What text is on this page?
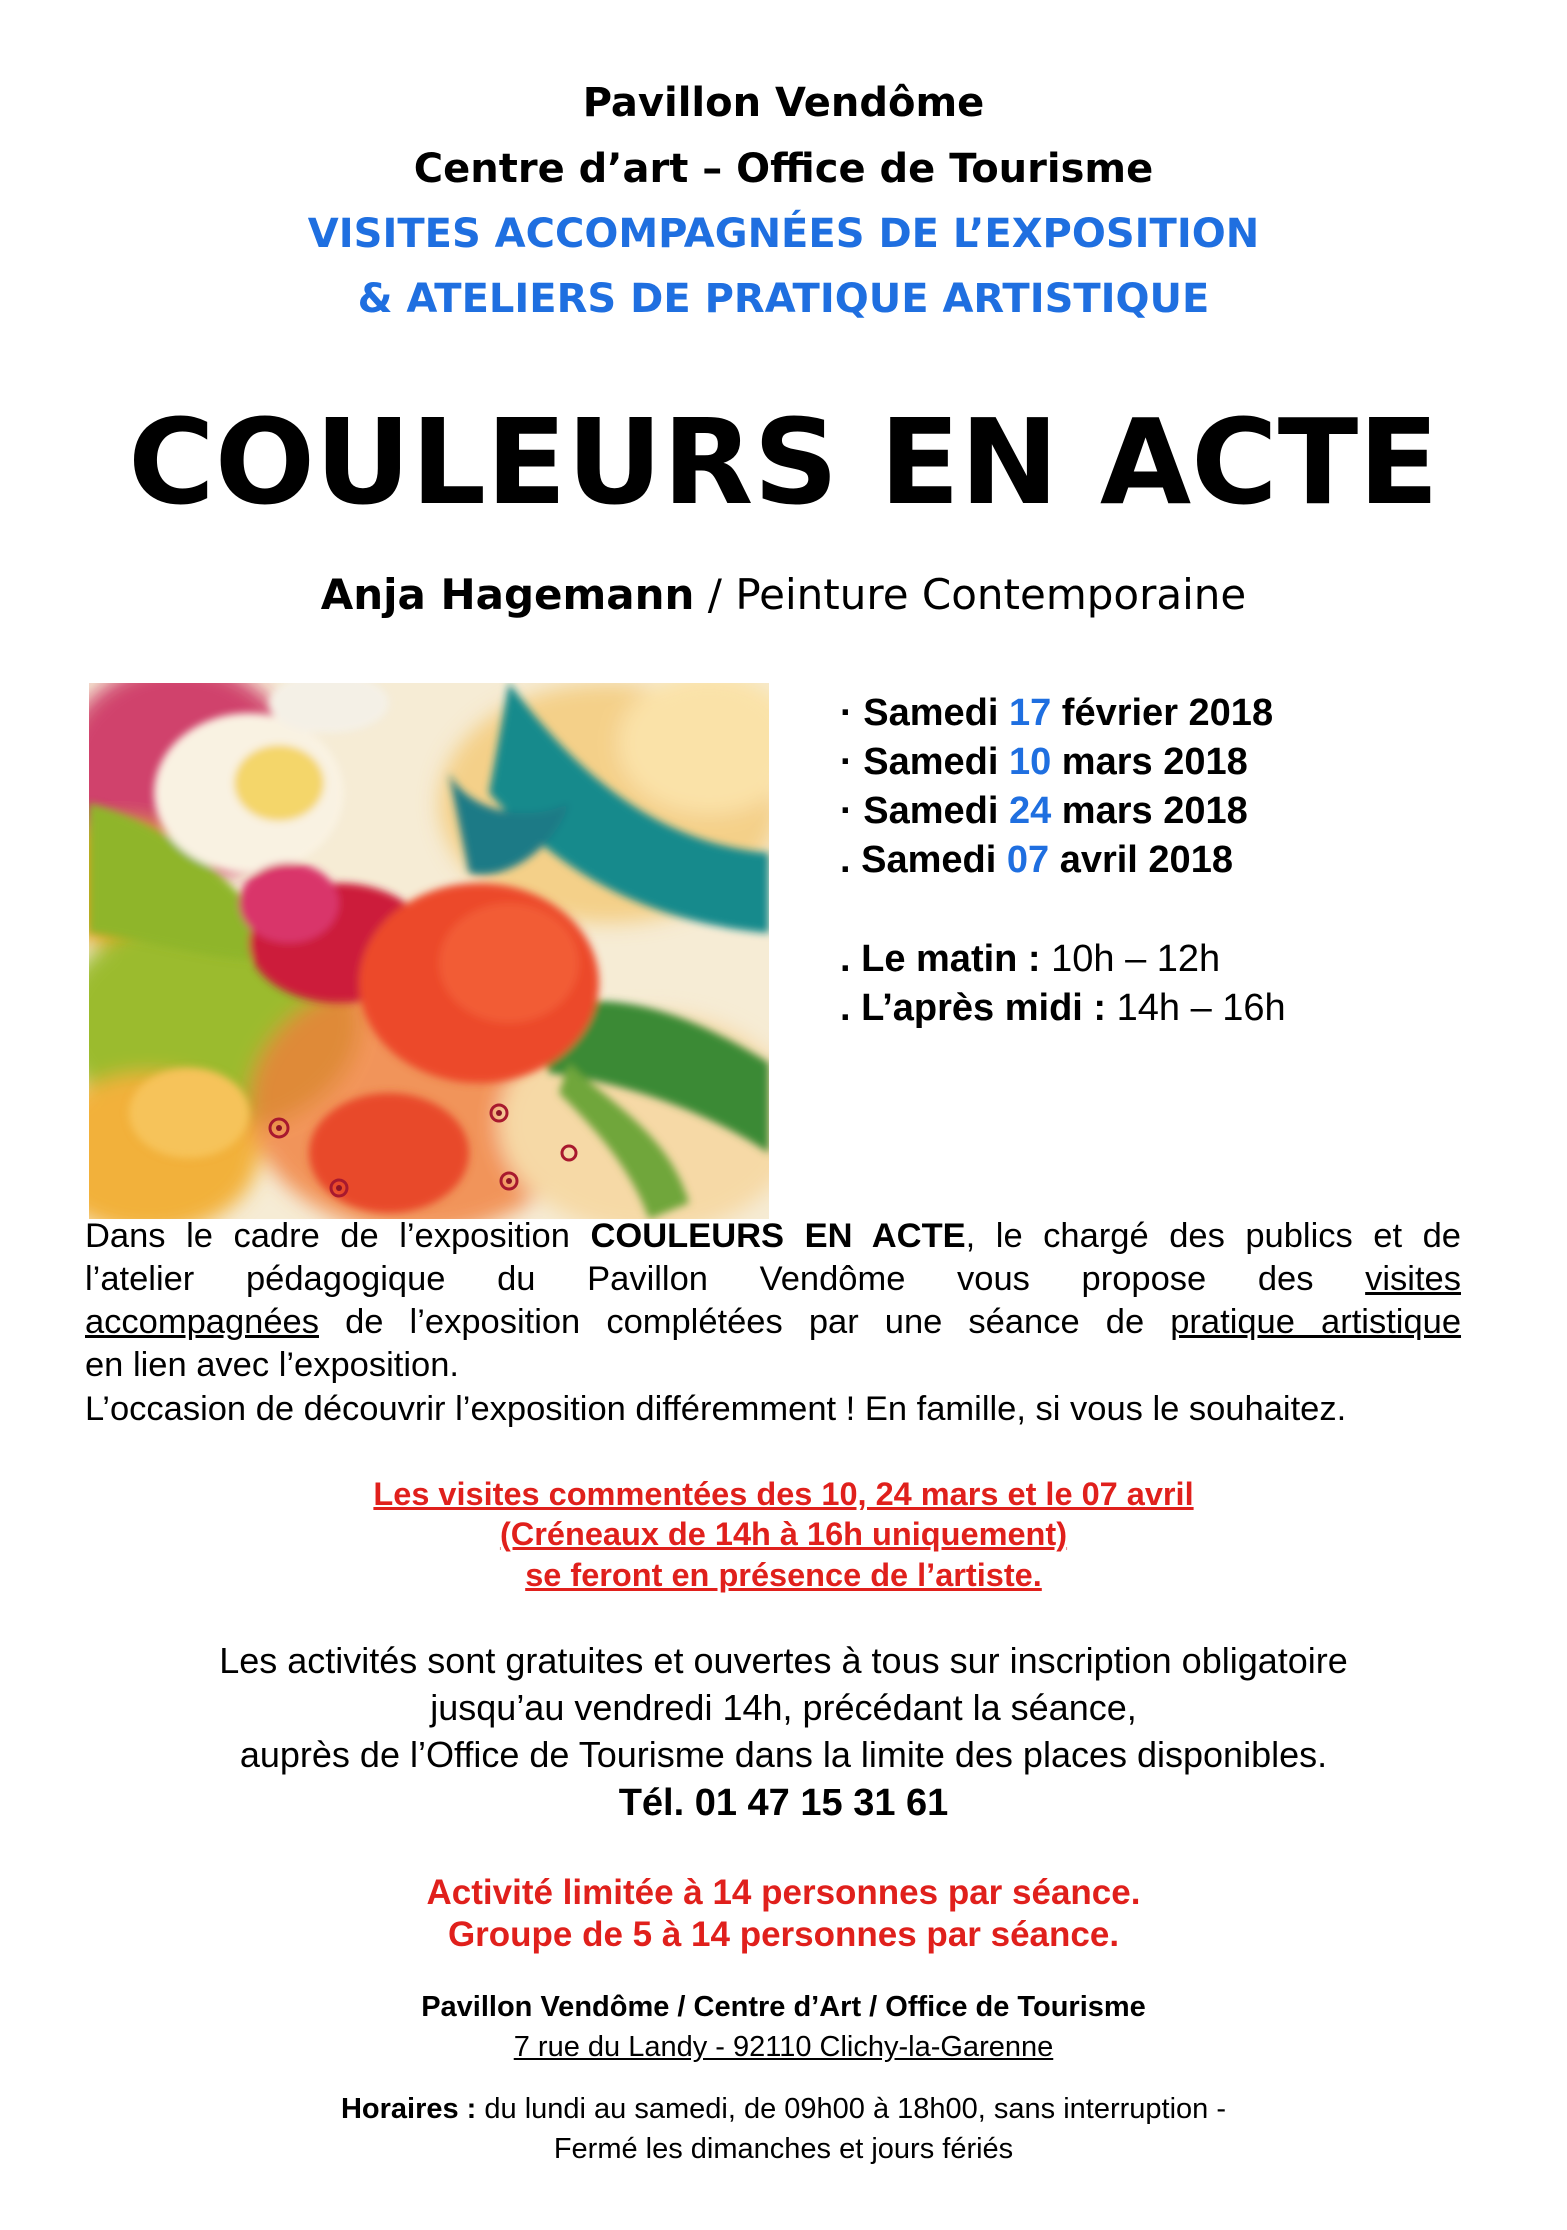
Pavillon Vendôme
Centre d’art – Office de Tourisme
VISITES ACCOMPAGNÉES DE L’EXPOSITION
& ATELIERS DE PRATIQUE ARTISTIQUE
COULEURS EN ACTE
Anja Hagemann / Peinture Contemporaine
· Samedi 17 février 2018
· Samedi 10 mars 2018
· Samedi 24 mars 2018
. Samedi 07 avril 2018
. Le matin : 10h – 12h
. L’après midi : 14h – 16h
Dans le cadre de l’exposition COULEURS EN ACTE, le chargé des publics et de
l’atelier pédagogique du Pavillon Vendôme vous propose des visites
accompagnées de l’exposition complétées par une séance de pratique artistique
en lien avec l’exposition.
L’occasion de découvrir l’exposition différemment ! En famille, si vous le souhaitez.
Les visites commentées des 10, 24 mars et le 07 avril
(Créneaux de 14h à 16h uniquement)
se feront en présence de l’artiste.
Les activités sont gratuites et ouvertes à tous sur inscription obligatoire
jusqu’au vendredi 14h, précédant la séance,
auprès de l’Office de Tourisme dans la limite des places disponibles.
Tél. 01 47 15 31 61
Activité limitée à 14 personnes par séance.
Groupe de 5 à 14 personnes par séance.
Pavillon Vendôme / Centre d’Art / Office de Tourisme
7 rue du Landy - 92110 Clichy-la-Garenne
Horaires : du lundi au samedi, de 09h00 à 18h00, sans interruption -
Fermé les dimanches et jours fériés
